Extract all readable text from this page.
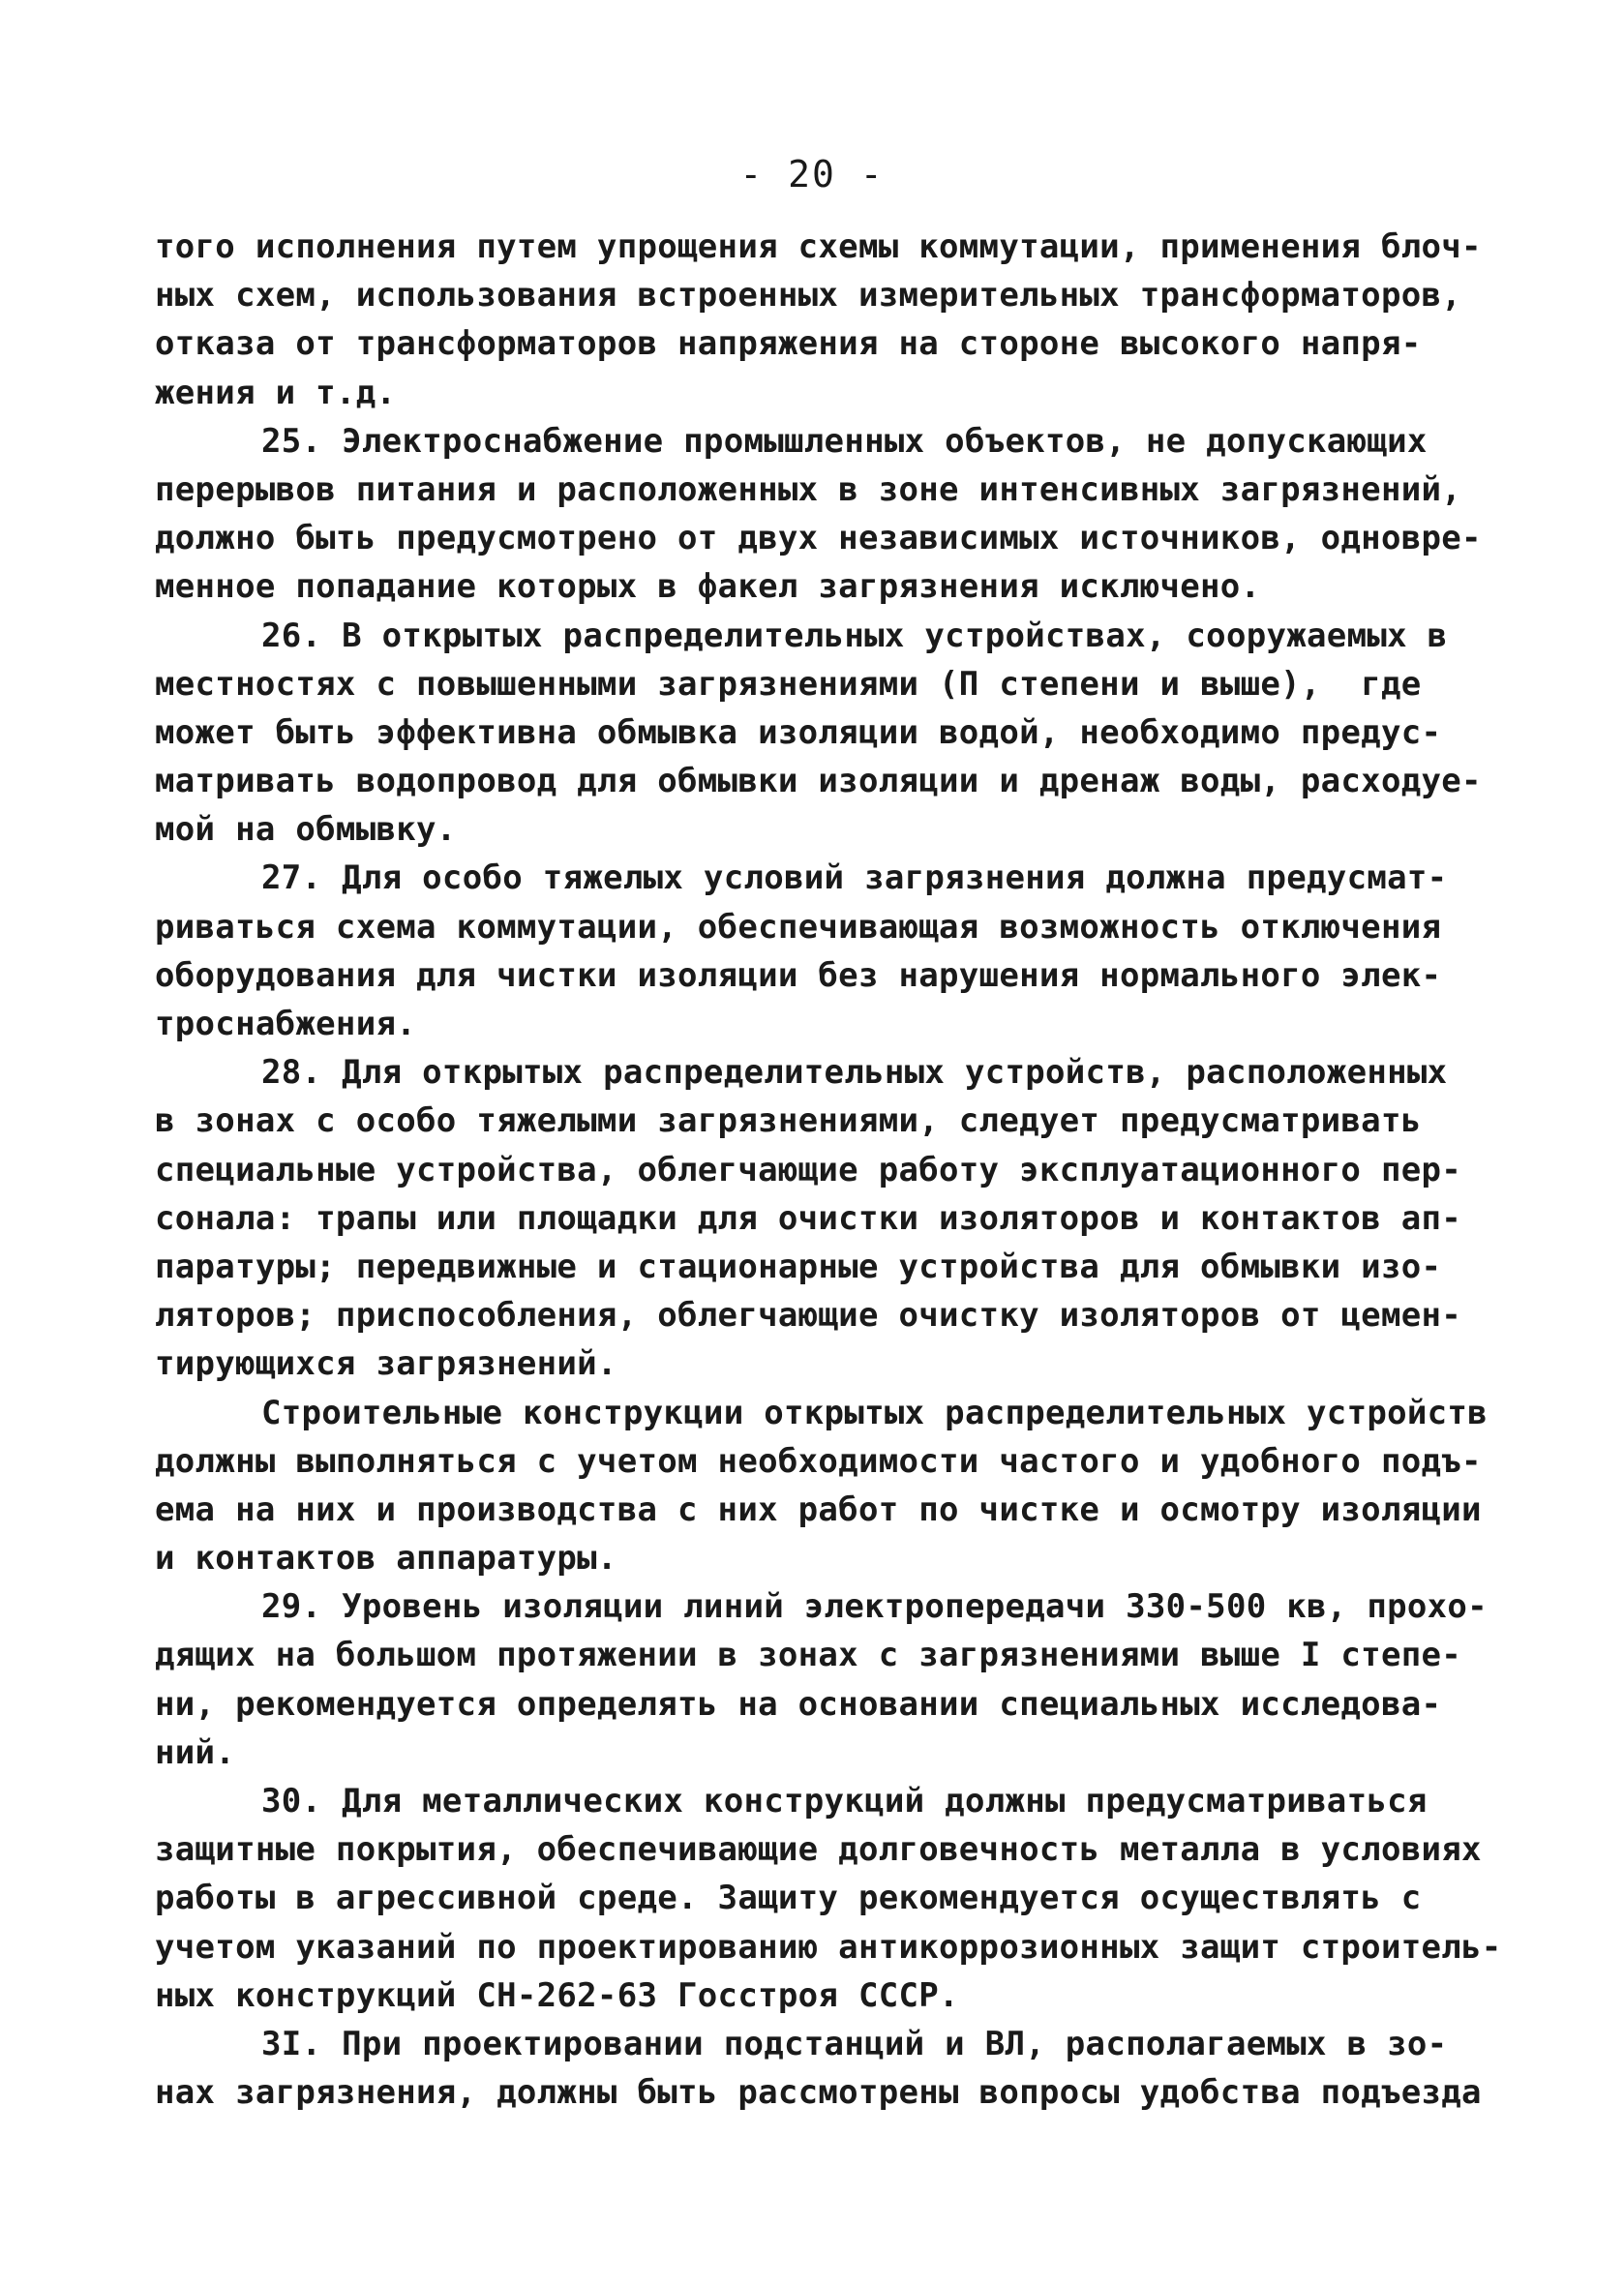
- 20 -
того исполнения путем упрощения схемы коммутации, применения блоч-
ных схем, использования встроенных измерительных трансформаторов,
отказа от трансформаторов напряжения на стороне высокого напря-
жения и т.д.
25. Электроснабжение промышленных объектов, не допускающих
перерывов питания и расположенных в зоне интенсивных загрязнений,
должно быть предусмотрено от двух независимых источников, одновре-
менное попадание которых в факел загрязнения исключено.
26. В открытых распределительных устройствах, сооружаемых в
местностях с повышенными загрязнениями (П степени и выше),  где
может быть эффективна обмывка изоляции водой, необходимо предус-
матривать водопровод для обмывки изоляции и дренаж воды, расходуе-
мой на обмывку.
27. Для особо тяжелых условий загрязнения должна предусмат-
риваться схема коммутации, обеспечивающая возможность отключения
оборудования для чистки изоляции без нарушения нормального элек-
троснабжения.
28. Для открытых распределительных устройств, расположенных
в зонах с особо тяжелыми загрязнениями, следует предусматривать
специальные устройства, облегчающие работу эксплуатационного пер-
сонала: трапы или площадки для очистки изоляторов и контактов ап-
паратуры; передвижные и стационарные устройства для обмывки изо-
ляторов; приспособления, облегчающие очистку изоляторов от цемен-
тирующихся загрязнений.
Строительные конструкции открытых распределительных устройств
должны выполняться с учетом необходимости частого и удобного подъ-
ема на них и производства с них работ по чистке и осмотру изоляции
и контактов аппаратуры.
29. Уровень изоляции линий электропередачи 330-500 кв, прохо-
дящих на большом протяжении в зонах с загрязнениями выше I степе-
ни, рекомендуется определять на основании специальных исследова-
ний.
30. Для металлических конструкций должны предусматриваться
защитные покрытия, обеспечивающие долговечность металла в условиях
работы в агрессивной среде. Защиту рекомендуется осуществлять с
учетом указаний по проектированию антикоррозионных защит строитель-
ных конструкций СН-262-63 Госстроя СССР.
3I. При проектировании подстанций и ВЛ, располагаемых в зо-
нах загрязнения, должны быть рассмотрены вопросы удобства подъезда
